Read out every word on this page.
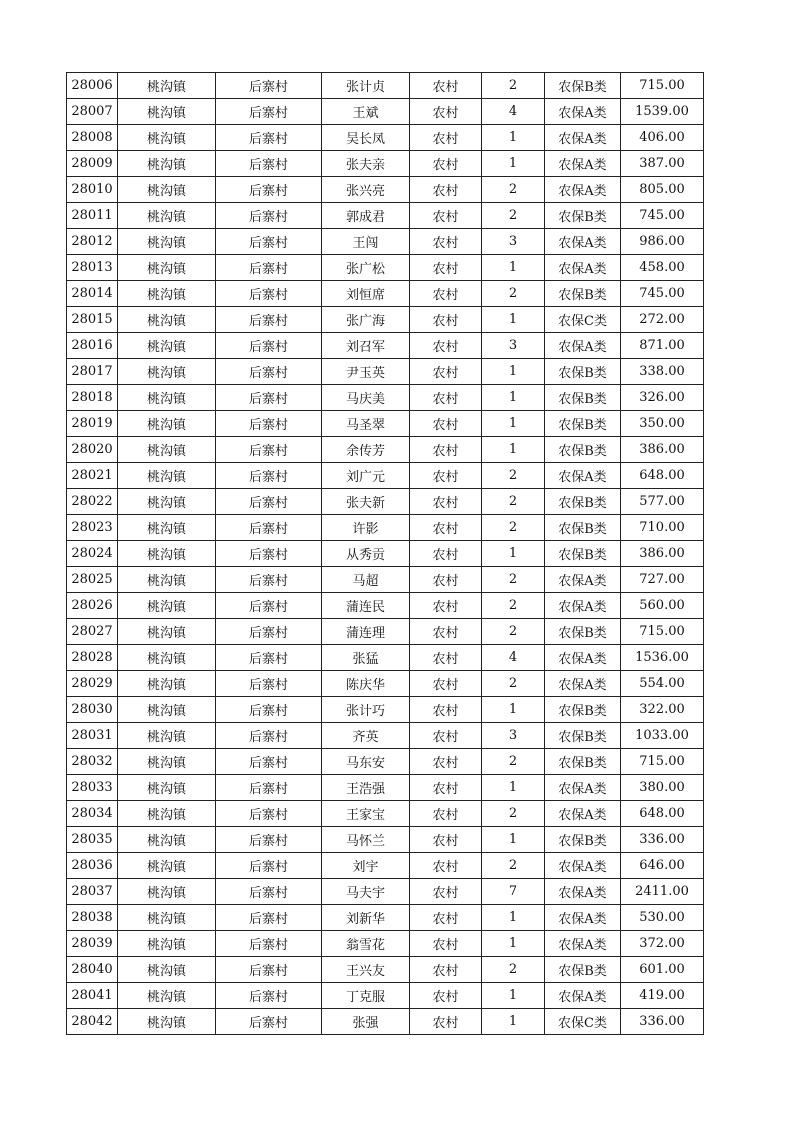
28006	桃沟镇	后寨村	张计贞	农村	2	农保B类	715.00
28007	桃沟镇	后寨村	王斌	农村	4	农保A类	1539.00
28008	桃沟镇	后寨村	吴长凤	农村	1	农保A类	406.00
28009	桃沟镇	后寨村	张夫亲	农村	1	农保A类	387.00
28010	桃沟镇	后寨村	张兴亮	农村	2	农保A类	805.00
28011	桃沟镇	后寨村	郭成君	农村	2	农保B类	745.00
28012	桃沟镇	后寨村	王闯	农村	3	农保A类	986.00
28013	桃沟镇	后寨村	张广松	农村	1	农保A类	458.00
28014	桃沟镇	后寨村	刘恒席	农村	2	农保B类	745.00
28015	桃沟镇	后寨村	张广海	农村	1	农保C类	272.00
28016	桃沟镇	后寨村	刘召军	农村	3	农保A类	871.00
28017	桃沟镇	后寨村	尹玉英	农村	1	农保B类	338.00
28018	桃沟镇	后寨村	马庆美	农村	1	农保B类	326.00
28019	桃沟镇	后寨村	马圣翠	农村	1	农保B类	350.00
28020	桃沟镇	后寨村	余传芳	农村	1	农保B类	386.00
28021	桃沟镇	后寨村	刘广元	农村	2	农保A类	648.00
28022	桃沟镇	后寨村	张夫新	农村	2	农保B类	577.00
28023	桃沟镇	后寨村	许影	农村	2	农保B类	710.00
28024	桃沟镇	后寨村	从秀贡	农村	1	农保B类	386.00
28025	桃沟镇	后寨村	马超	农村	2	农保A类	727.00
28026	桃沟镇	后寨村	蒲连民	农村	2	农保A类	560.00
28027	桃沟镇	后寨村	蒲连理	农村	2	农保B类	715.00
28028	桃沟镇	后寨村	张猛	农村	4	农保A类	1536.00
28029	桃沟镇	后寨村	陈庆华	农村	2	农保A类	554.00
28030	桃沟镇	后寨村	张计巧	农村	1	农保B类	322.00
28031	桃沟镇	后寨村	齐英	农村	3	农保B类	1033.00
28032	桃沟镇	后寨村	马东安	农村	2	农保B类	715.00
28033	桃沟镇	后寨村	王浩强	农村	1	农保A类	380.00
28034	桃沟镇	后寨村	王家宝	农村	2	农保A类	648.00
28035	桃沟镇	后寨村	马怀兰	农村	1	农保B类	336.00
28036	桃沟镇	后寨村	刘宇	农村	2	农保A类	646.00
28037	桃沟镇	后寨村	马夫宇	农村	7	农保A类	2411.00
28038	桃沟镇	后寨村	刘新华	农村	1	农保A类	530.00
28039	桃沟镇	后寨村	翁雪花	农村	1	农保A类	372.00
28040	桃沟镇	后寨村	王兴友	农村	2	农保B类	601.00
28041	桃沟镇	后寨村	丁克服	农村	1	农保A类	419.00
28042	桃沟镇	后寨村	张强	农村	1	农保C类	336.00
